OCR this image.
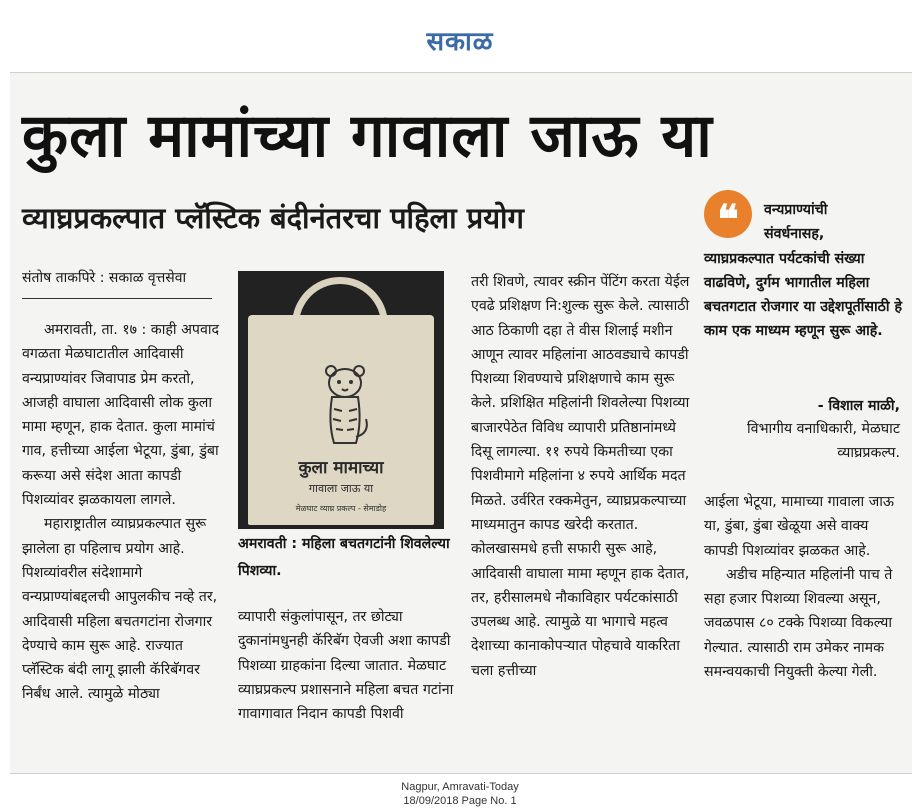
सकाळ
कुला मामांच्या गावाला जाऊ या
व्याघ्रप्रकल्पात प्लॅस्टिक बंदीनंतरचा पहिला प्रयोग
संतोष ताकपिरे : सकाळ वृत्तसेवा

अमरावती, ता. १७ : काही अपवाद वगळता मेळघाटातील आदिवासी वन्यप्राण्यांवर जिवापाड प्रेम करतो, आजही वाघाला आदिवासी लोक कुला मामा म्हणून, हाक देतात. कुला मामांचं गाव, हत्तीच्या आईला भेटूया, डुंबा, डुंबा करूया असे संदेश आता कापडी पिशव्यांवर झळकायला लागले.

महाराष्ट्रातील व्याघ्रप्रकल्पात सुरू झालेला हा पहिलाच प्रयोग आहे. पिशव्यांवरील संदेशामागे वन्यप्राण्यांबद्दलची आपुलकीच नव्हे तर, आदिवासी महिला बचतगटांना रोजगार देण्याचे काम सुरू आहे. राज्यात प्लॅस्टिक बंदी लागू झाली कॅरिबॅगवर निर्बंध आले. त्यामुळे मोठ्या

कुला मामाच्या
गावाला जाऊ या
मेळघाट व्याघ्र प्रकल्प - सेमाडोह
अमरावती : महिला बचतगटांनी शिवलेल्या पिशव्या.

व्यापारी संकुलांपासून, तर छोट्या दुकानांमधुनही कॅरिबॅग ऐवजी अशा कापडी पिशव्या ग्राहकांना दिल्या जातात. मेळघाट व्याघ्रप्रकल्प प्रशासनाने महिला बचत गटांना गावागावात निदान कापडी पिशवी

तरी शिवणे, त्यावर स्क्रीन पेंटिंग करता येईल एवढे प्रशिक्षण नि:शुल्क सुरू केले. त्यासाठी आठ ठिकाणी दहा ते वीस शिलाई मशीन आणून त्यावर महिलांना आठवड्याचे कापडी पिशव्या शिवण्याचे प्रशिक्षणाचे काम सुरू केले. प्रशिक्षित महिलांनी शिवलेल्या पिशव्या बाजारपेठेत विविध व्यापारी प्रतिष्ठानांमध्ये दिसू लागल्या. ११ रुपये किमतीच्या एका पिशवीमागे महिलांना ४ रुपये आर्थिक मदत मिळते. उर्वरित रक्कमेतुन, व्याघ्रप्रकल्पाच्या माध्यमातुन कापड खरेदी करतात. कोलखासमधे हत्ती सफारी सुरू आहे, आदिवासी वाघाला मामा म्हणून हाक देतात, तर, हरीसालमधे नौकाविहार पर्यटकांसाठी उपलब्ध आहे. त्यामुळे या भागाचे महत्व देशाच्या कानाकोपऱ्यात पोहचावे याकरिता चला हत्तीच्या

❝	वन्यप्राण्यांची
संवर्धनासह,
व्याघ्रप्रकल्पात पर्यटकांची संख्या वाढविणे, दुर्गम भागातील महिला बचतगटात रोजगार या उद्देशपूर्तीसाठी हे काम एक माध्यम म्हणून सुरू आहे.
- विशाल माळी,
विभागीय वनाधिकारी, मेळघाट व्याघ्रप्रकल्प.

आईला भेटूया, मामाच्या गावाला जाऊ या, डुंबा, डुंबा खेळूया असे वाक्य कापडी पिशव्यांवर झळकत आहे.

अडीच महिन्यात महिलांनी पाच ते सहा हजार पिशव्या शिवल्या असून, जवळपास ८० टक्के पिशव्या विकल्या गेल्यात. त्यासाठी राम उमेकर नामक समन्वयकाची नियुक्ती केल्या गेली.

Nagpur, Amravati-Today
18/09/2018 Page No. 1
